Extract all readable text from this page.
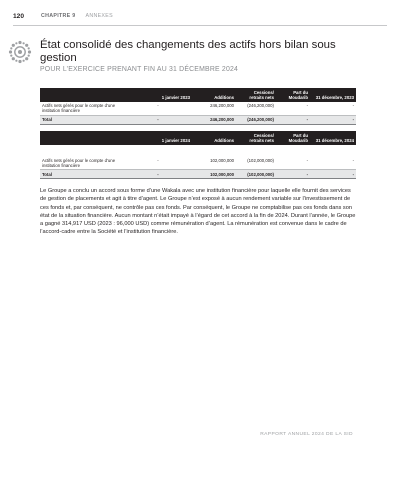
120	CHAPITRE 9 ANNEXES
État consolidé des changements des actifs hors bilan sous gestion
POUR L’EXERCICE PRENANT FIN AU 31 DÉCEMBRE 2024
	1 janvier 2023	Additions	Cessions/ retraits nets	Part du Moudarib	31 décembre, 2023
Actifs nets gérés pour le compte d’une institution financière	-	246,200,000	(246,200,000)	-	-
Total	-	246,200,000	(246,200,000)	-	-
	1 janvier 2024	Additions	Cessions/ retraits nets	Part du Moudarib	31 décembre, 2024
Actifs nets gérés pour le compte d’une institution financière	-	102,000,000	(102,000,000)	-	-
Total	-	102,000,000	(102,000,000)	-	-

Le Groupe a conclu un accord sous forme d’une Wakala avec une institution financière pour laquelle elle fournit des services de gestion de placements et agit à titre d’agent. Le Groupe n’est exposé à aucun rendement variable sur l’investissement de ces fonds et, par conséquent, ne contrôle pas ces fonds. Par conséquent, le Groupe ne comptabilise pas ces fonds dans son état de la situation financière. Aucun montant n’était impayé à l’égard de cet accord à la fin de 2024. Durant l’année, le Groupe a gagné 314,917 USD (2023 : 96,000 USD) comme rémunération d’agent. La rémunération est convenue dans le cadre de l’accord-cadre entre la Société et l’institution financière.

RAPPORT ANNUEL 2024 DE LA SID
